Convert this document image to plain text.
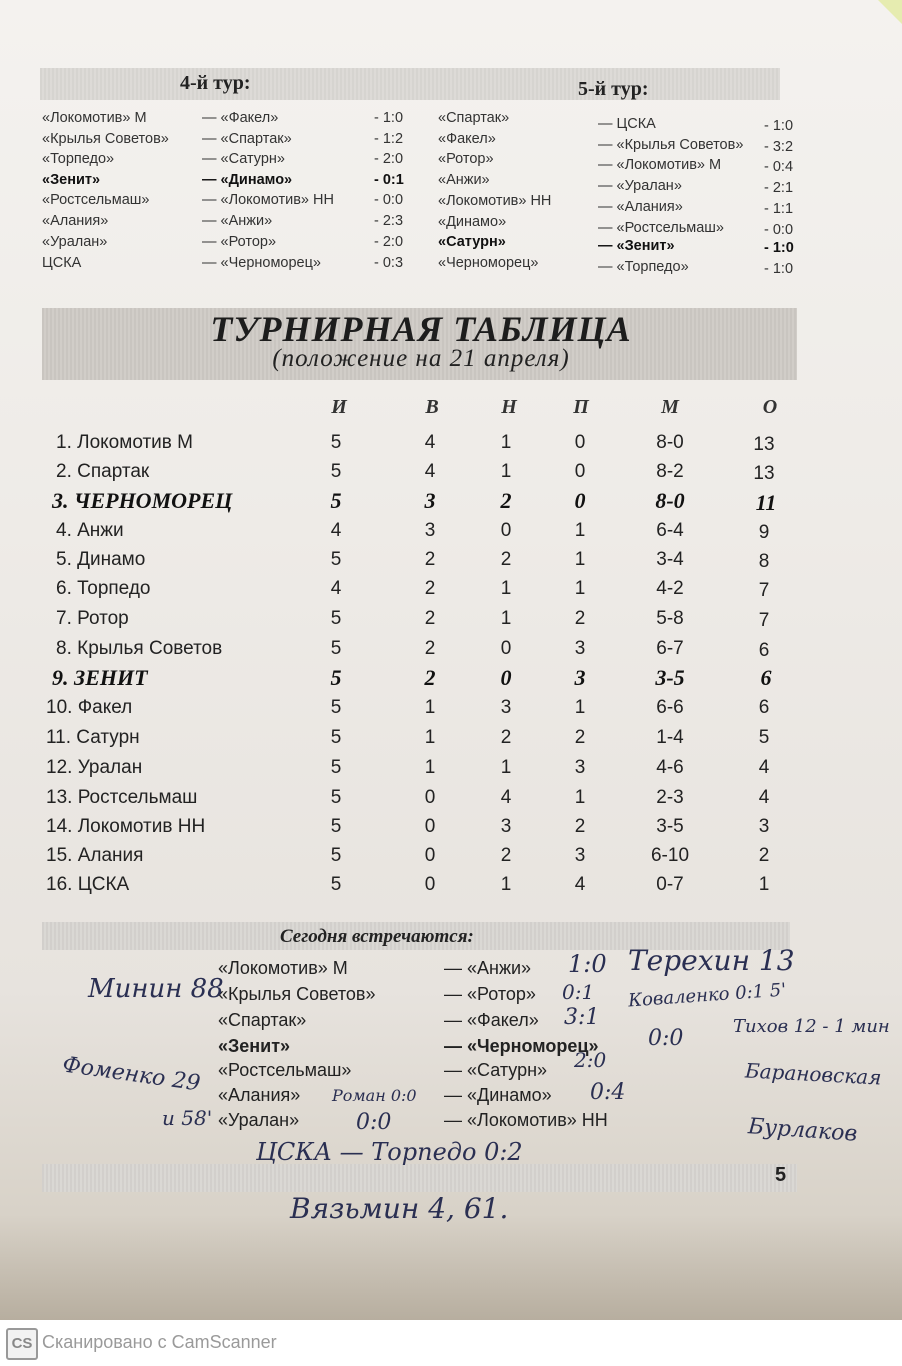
4-й тур:	5-й тур:
«Локомотив» М	— «Факел»	- 1:0
«Крылья Советов» — «Спартак»	- 1:2
«Торпедо»	— «Сатурн»	- 2:0
«Зенит»	— «Динамо»	- 0:1
«Ростсельмаш»	— «Локомотив» НН	- 0:0
«Алания»	— «Анжи»	- 2:3
«Уралан»	— «Ротор»	- 2:0
ЦСКА	— «Черноморец»	- 0:3
«Спартак»	— ЦСКА	- 1:0
«Факел»	— «Крылья Советов» - 3:2
«Ротор»	— «Локомотив» М	- 0:4
«Анжи»	— «Уралан»	- 2:1
«Локомотив» НН	— «Алания»	- 1:1
«Динамо»	— «Ростсельмаш»	- 0:0
«Сатурн»	— «Зенит»	- 1:0
«Черноморец»	— «Торпедо»	- 1:0
ТУРНИРНАЯ ТАБЛИЦА
(положение на 21 апреля)
И	В	Н	П	М	О
1. Локомотив М	5	4	1	0	8-0	13
2. Спартак	5	4	1	0	8-2	13
3. ЧЕРНОМОРЕЦ	5	3	2	0	8-0	11
4. Анжи	4	3	0	1	6-4	9
5. Динамо	5	2	2	1	3-4	8
6. Торпедо	4	2	1	1	4-2	7
7. Ротор	5	2	1	2	5-8	7
8. Крылья Советов	5	2	0	3	6-7	6
9. ЗЕНИТ	5	2	0	3	3-5	6
10. Факел	5	1	3	1	6-6	6
11. Сатурн	5	1	2	2	1-4	5
12. Уралан	5	1	1	3	4-6	4
13. Ростсельмаш	5	0	4	1	2-3	4
14. Локомотив НН	5	0	3	2	3-5	3
15. Алания	5	0	2	3	6-10	2
16. ЦСКА	5	0	1	4	0-7	1
Сегодня встречаются:
«Локомотив» М	— «Анжи»
«Крылья Советов»	— «Ротор»
«Спартак»	— «Факел»
«Зенит»	— «Черноморец»
«Ростсельмаш»	— «Сатурн»
«Алания»	— «Динамо»
«Уралан»	— «Локомотив» НН
5
1:0 Терехин 13
Минин 88	0:1 Коваленко 0:1 5'
3:1
0:0	Тихов 12 - 1 мин
2:0
Фоменко 29	Барановская
Роман 0:0	0:4
и 58'	0:0	Бурлаков
ЦСКА — Торпедо 0:2
Вязьмин 4, 61.
CS Сканировано с CamScanner
